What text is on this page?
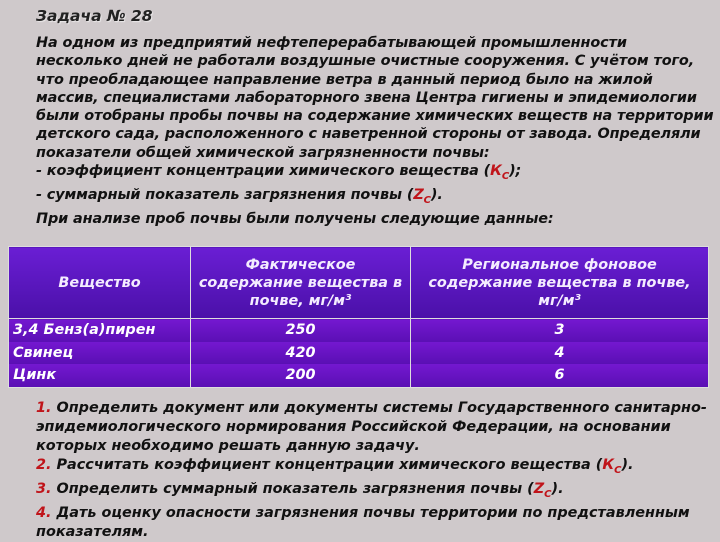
Задача № 28

На одном из предприятий нефтеперерабатывающей промышленности несколько дней не работали воздушные очистные сооружения. С учётом того, что преобладающее направление ветра в данный период было на жилой массив, специалистами лабораторного звена Центра гигиены и эпидемиологии были отобраны пробы почвы на содержание химических веществ на территории детского сада, расположенного с наветренной стороны от завода. Определяли показатели общей химической загрязненности почвы:

- коэффициент концентрации химического вещества $(К_С)$;

- суммарный показатель загрязнения почвы $(Z_C)$.

При анализе проб почвы были получены следующие данные:

Вещество	Фактическое содержание вещества в почве, мг/м³	Региональное фоновое содержание вещества в почве, мг/м³
3,4 Бенз(а)пирен	250	3
Свинец	420	4
Цинк	200	6

1. Определить документ или документы системы Государственного санитарно-эпидемиологического нормирования Российской Федерации, на основании которых необходимо решать данную задачу.

2. Рассчитать коэффициент концентрации химического вещества $(К_С)$.

3. Определить суммарный показатель загрязнения почвы $(Z_C)$.

4. Дать оценку опасности загрязнения почвы территории по представленным показателям.
